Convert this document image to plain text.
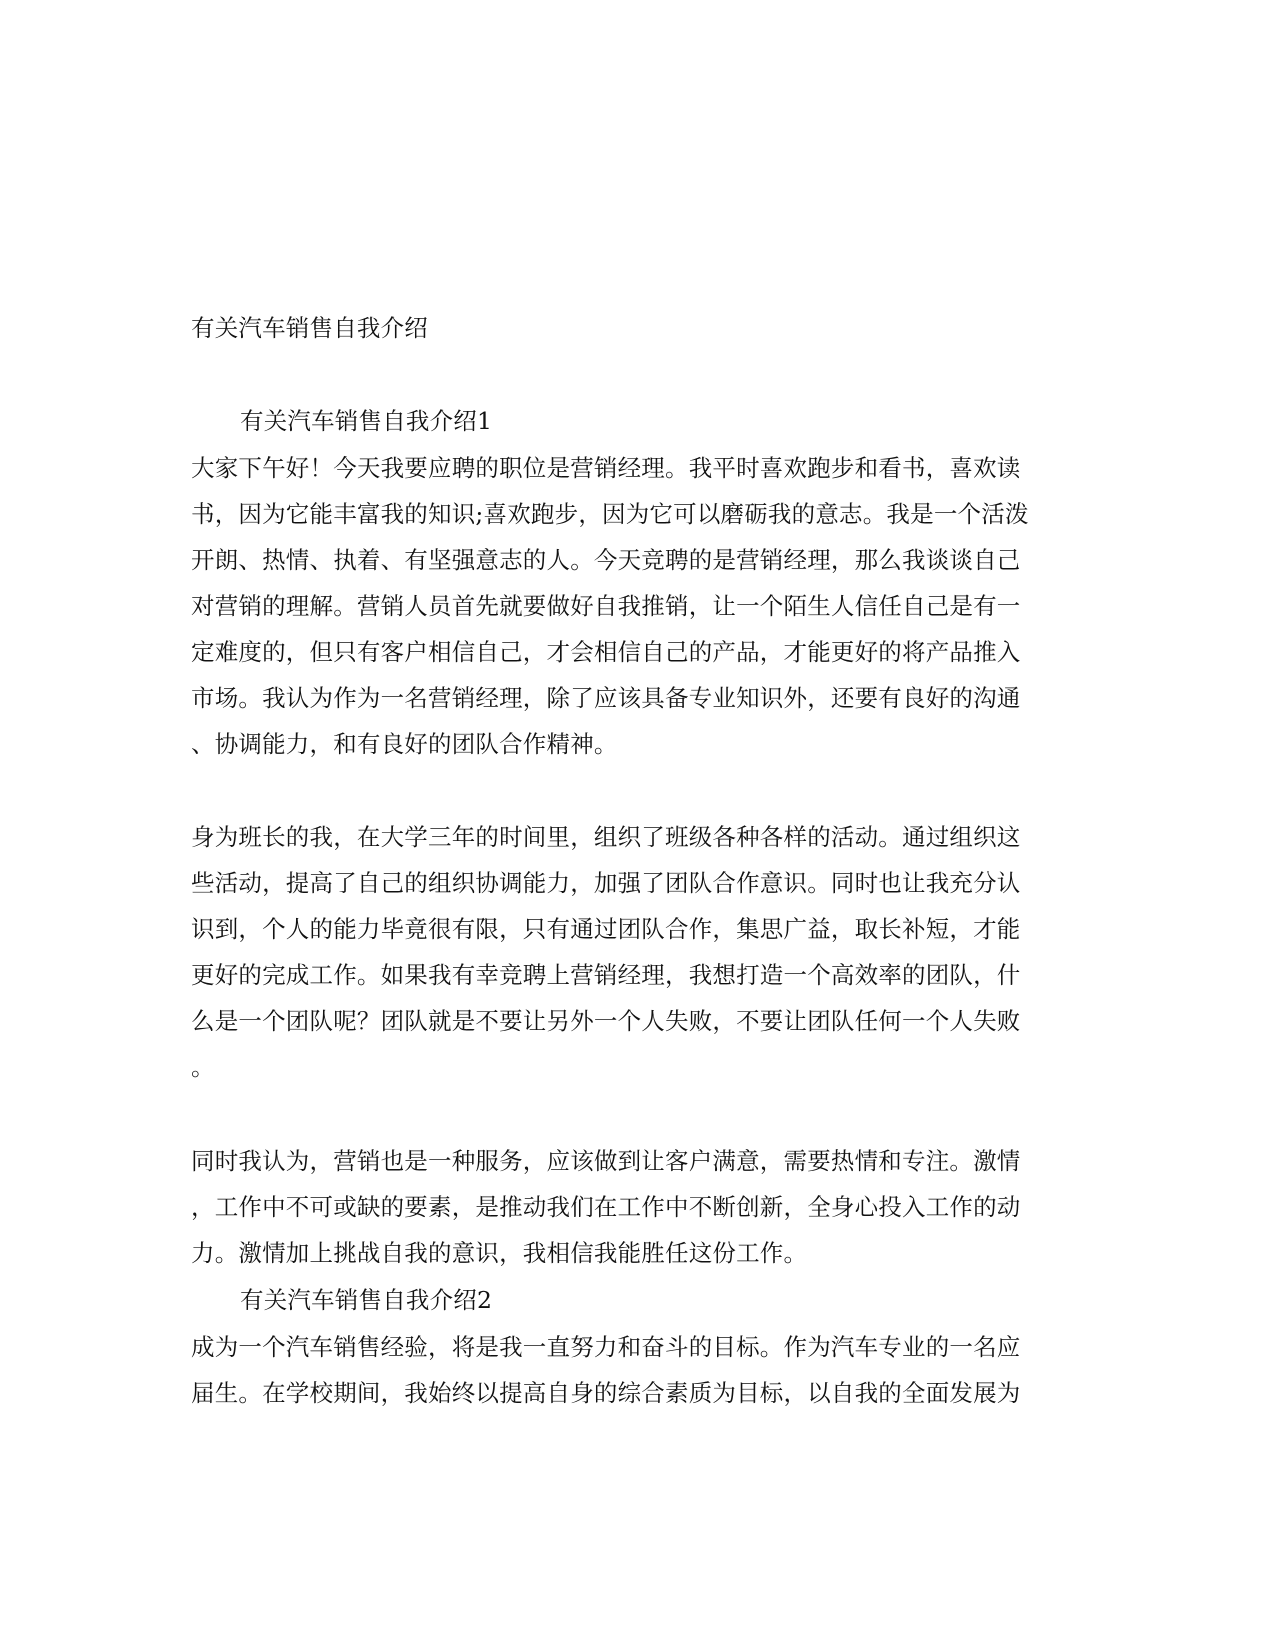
有关汽车销售自我介绍
有关汽车销售自我介绍1
大家下午好！今天我要应聘的职位是营销经理。我平时喜欢跑步和看书，喜欢读
书，因为它能丰富我的知识;喜欢跑步，因为它可以磨砺我的意志。我是一个活泼
开朗、热情、执着、有坚强意志的人。今天竞聘的是营销经理，那么我谈谈自己
对营销的理解。营销人员首先就要做好自我推销，让一个陌生人信任自己是有一
定难度的，但只有客户相信自己，才会相信自己的产品，才能更好的将产品推入
市场。我认为作为一名营销经理，除了应该具备专业知识外，还要有良好的沟通
、协调能力，和有良好的团队合作精神。
身为班长的我，在大学三年的时间里，组织了班级各种各样的活动。通过组织这
些活动，提高了自己的组织协调能力，加强了团队合作意识。同时也让我充分认
识到，个人的能力毕竟很有限，只有通过团队合作，集思广益，取长补短，才能
更好的完成工作。如果我有幸竞聘上营销经理，我想打造一个高效率的团队，什
么是一个团队呢？团队就是不要让另外一个人失败，不要让团队任何一个人失败
。
同时我认为，营销也是一种服务，应该做到让客户满意，需要热情和专注。激情
，工作中不可或缺的要素，是推动我们在工作中不断创新，全身心投入工作的动
力。激情加上挑战自我的意识，我相信我能胜任这份工作。
有关汽车销售自我介绍2
成为一个汽车销售经验，将是我一直努力和奋斗的目标。作为汽车专业的一名应
届生。在学校期间，我始终以提高自身的综合素质为目标，以自我的全面发展为
